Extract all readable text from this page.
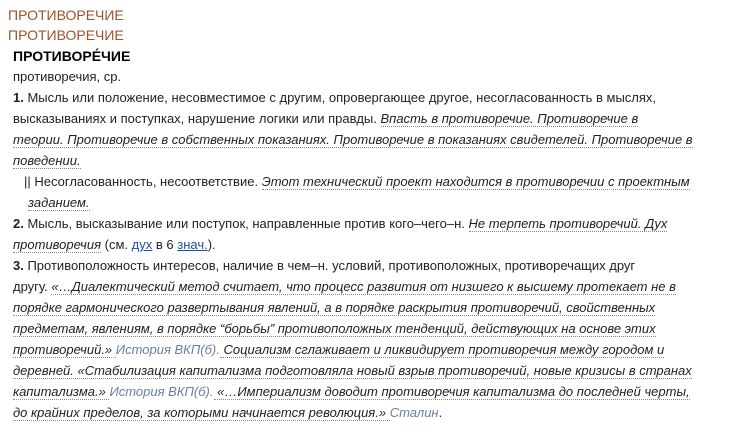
ПРОТИВОРЕЧИЕ
ПРОТИВОРЕЧИЕ
ПРОТИВОРЕ́ЧИЕ
противоречия, ср.
1. Мысль или положение, несовместимое с другим, опровергающее другое, несогласованность в мыслях,
высказываниях и поступках, нарушение логики или правды. Впасть в противоречие. Противоречие в
теории. Противоречие в собственных показаниях. Противоречие в показаниях свидетелей. Противоречие в
поведении.
|| Несогласованность, несоответствие. Этот технический проект находится в противоречии с проектным
заданием.
2. Мысль, высказывание или поступок, направленные против кого–чего–н. Не терпеть противоречий. Дух
противоречия (см. дух в 6 знач.).
3. Противоположность интересов, наличие в чем–н. условий, противоположных, противоречащих друг
другу. «…Диалектический метод считает, что процесс развития от низшего к высшему протекает не в
порядке гармонического развертывания явлений, а в порядке раскрытия противоречий, свойственных
предметам, явлениям, в порядке “борьбы” противоположных тенденций, действующих на основе этих
противоречий.» История ВКП(б). Социализм сглаживает и ликвидирует противоречия между городом и
деревней. «Стабилизация капитализма подготовляла новый взрыв противоречий, новые кризисы в странах
капитализма.» История ВКП(б). «…Империализм доводит противоречия капитализма до последней черты,
до крайних пределов, за которыми начинается революция.» Сталин.
